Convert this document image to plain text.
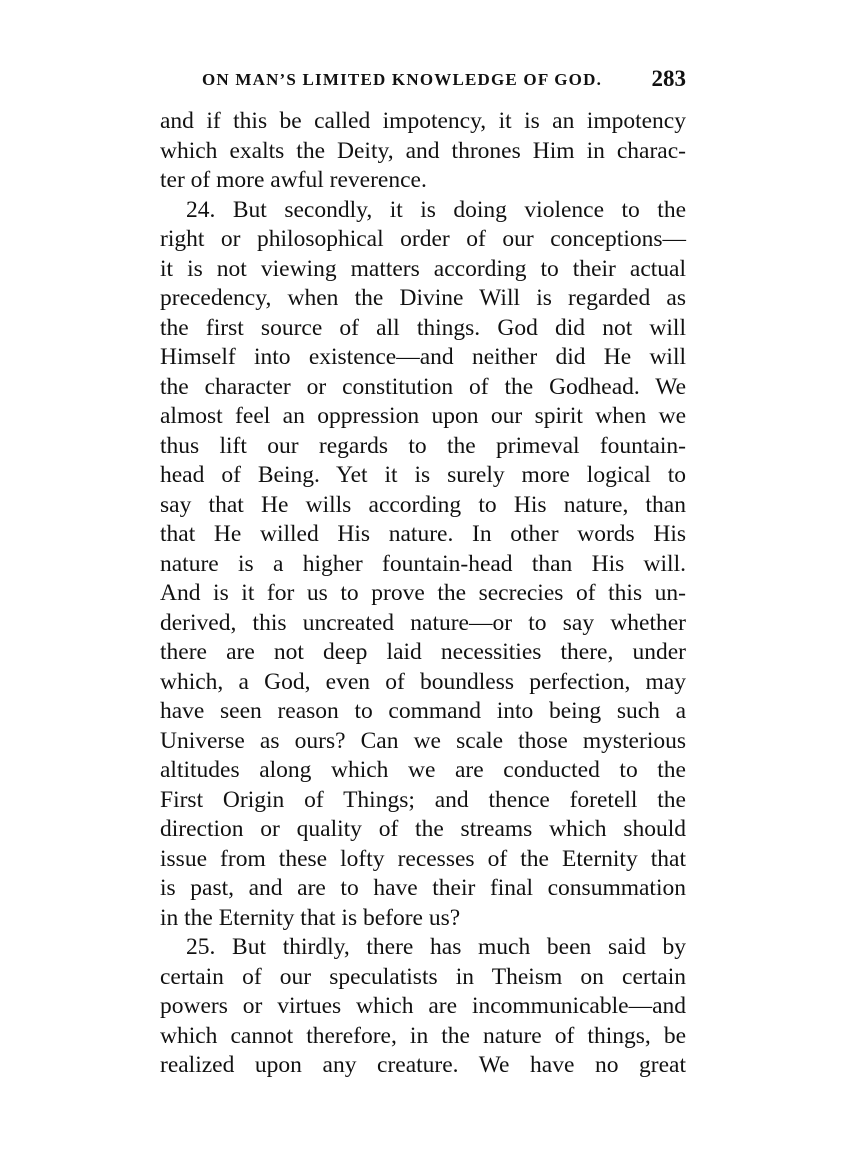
ON MAN’S LIMITED KNOWLEDGE OF GOD. 283
and if this be called impotency, it is an impotency
which exalts the Deity, and thrones Him in charac-
ter of more awful reverence.
24. But secondly, it is doing violence to the
right or philosophical order of our conceptions—
it is not viewing matters according to their actual
precedency, when the Divine Will is regarded as
the first source of all things. God did not will
Himself into existence—and neither did He will
the character or constitution of the Godhead. We
almost feel an oppression upon our spirit when we
thus lift our regards to the primeval fountain-
head of Being. Yet it is surely more logical to
say that He wills according to His nature, than
that He willed His nature. In other words His
nature is a higher fountain-head than His will.
And is it for us to prove the secrecies of this un-
derived, this uncreated nature—or to say whether
there are not deep laid necessities there, under
which, a God, even of boundless perfection, may
have seen reason to command into being such a
Universe as ours? Can we scale those mysterious
altitudes along which we are conducted to the
First Origin of Things; and thence foretell the
direction or quality of the streams which should
issue from these lofty recesses of the Eternity that
is past, and are to have their final consummation
in the Eternity that is before us?
25. But thirdly, there has much been said by
certain of our speculatists in Theism on certain
powers or virtues which are incommunicable—and
which cannot therefore, in the nature of things, be
realized upon any creature. We have no great
